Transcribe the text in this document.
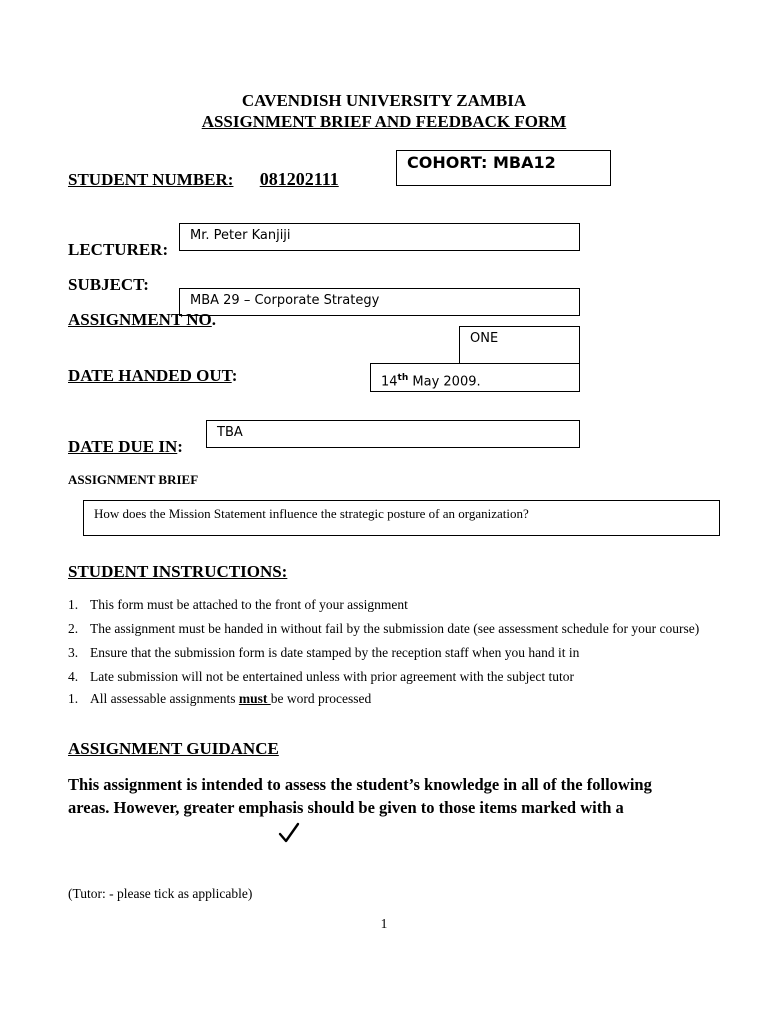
CAVENDISH UNIVERSITY ZAMBIA
ASSIGNMENT BRIEF AND FEEDBACK FORM
STUDENT NUMBER: 081202111
COHORT: MBA12
LECTURER:
Mr. Peter Kanjiji
SUBJECT:
MBA 29 – Corporate Strategy
ASSIGNMENT NO.
ONE
DATE HANDED OUT:	14th May 2009.
DATE DUE IN:
TBA
ASSIGNMENT BRIEF
How does the Mission Statement influence the strategic posture of an organization?
STUDENT INSTRUCTIONS:
1. This form must be attached to the front of your assignment
2. The assignment must be handed in without fail by the submission date (see assessment schedule for your course)
3. Ensure that the submission form is date stamped by the reception staff when you hand it in
4. Late submission will not be entertained unless with prior agreement with the subject tutor
1. All assessable assignments must be word processed
ASSIGNMENT GUIDANCE
This assignment is intended to assess the student’s knowledge in all of the following areas. However, greater emphasis should be given to those items marked with a
(Tutor: - please tick as applicable)
1
